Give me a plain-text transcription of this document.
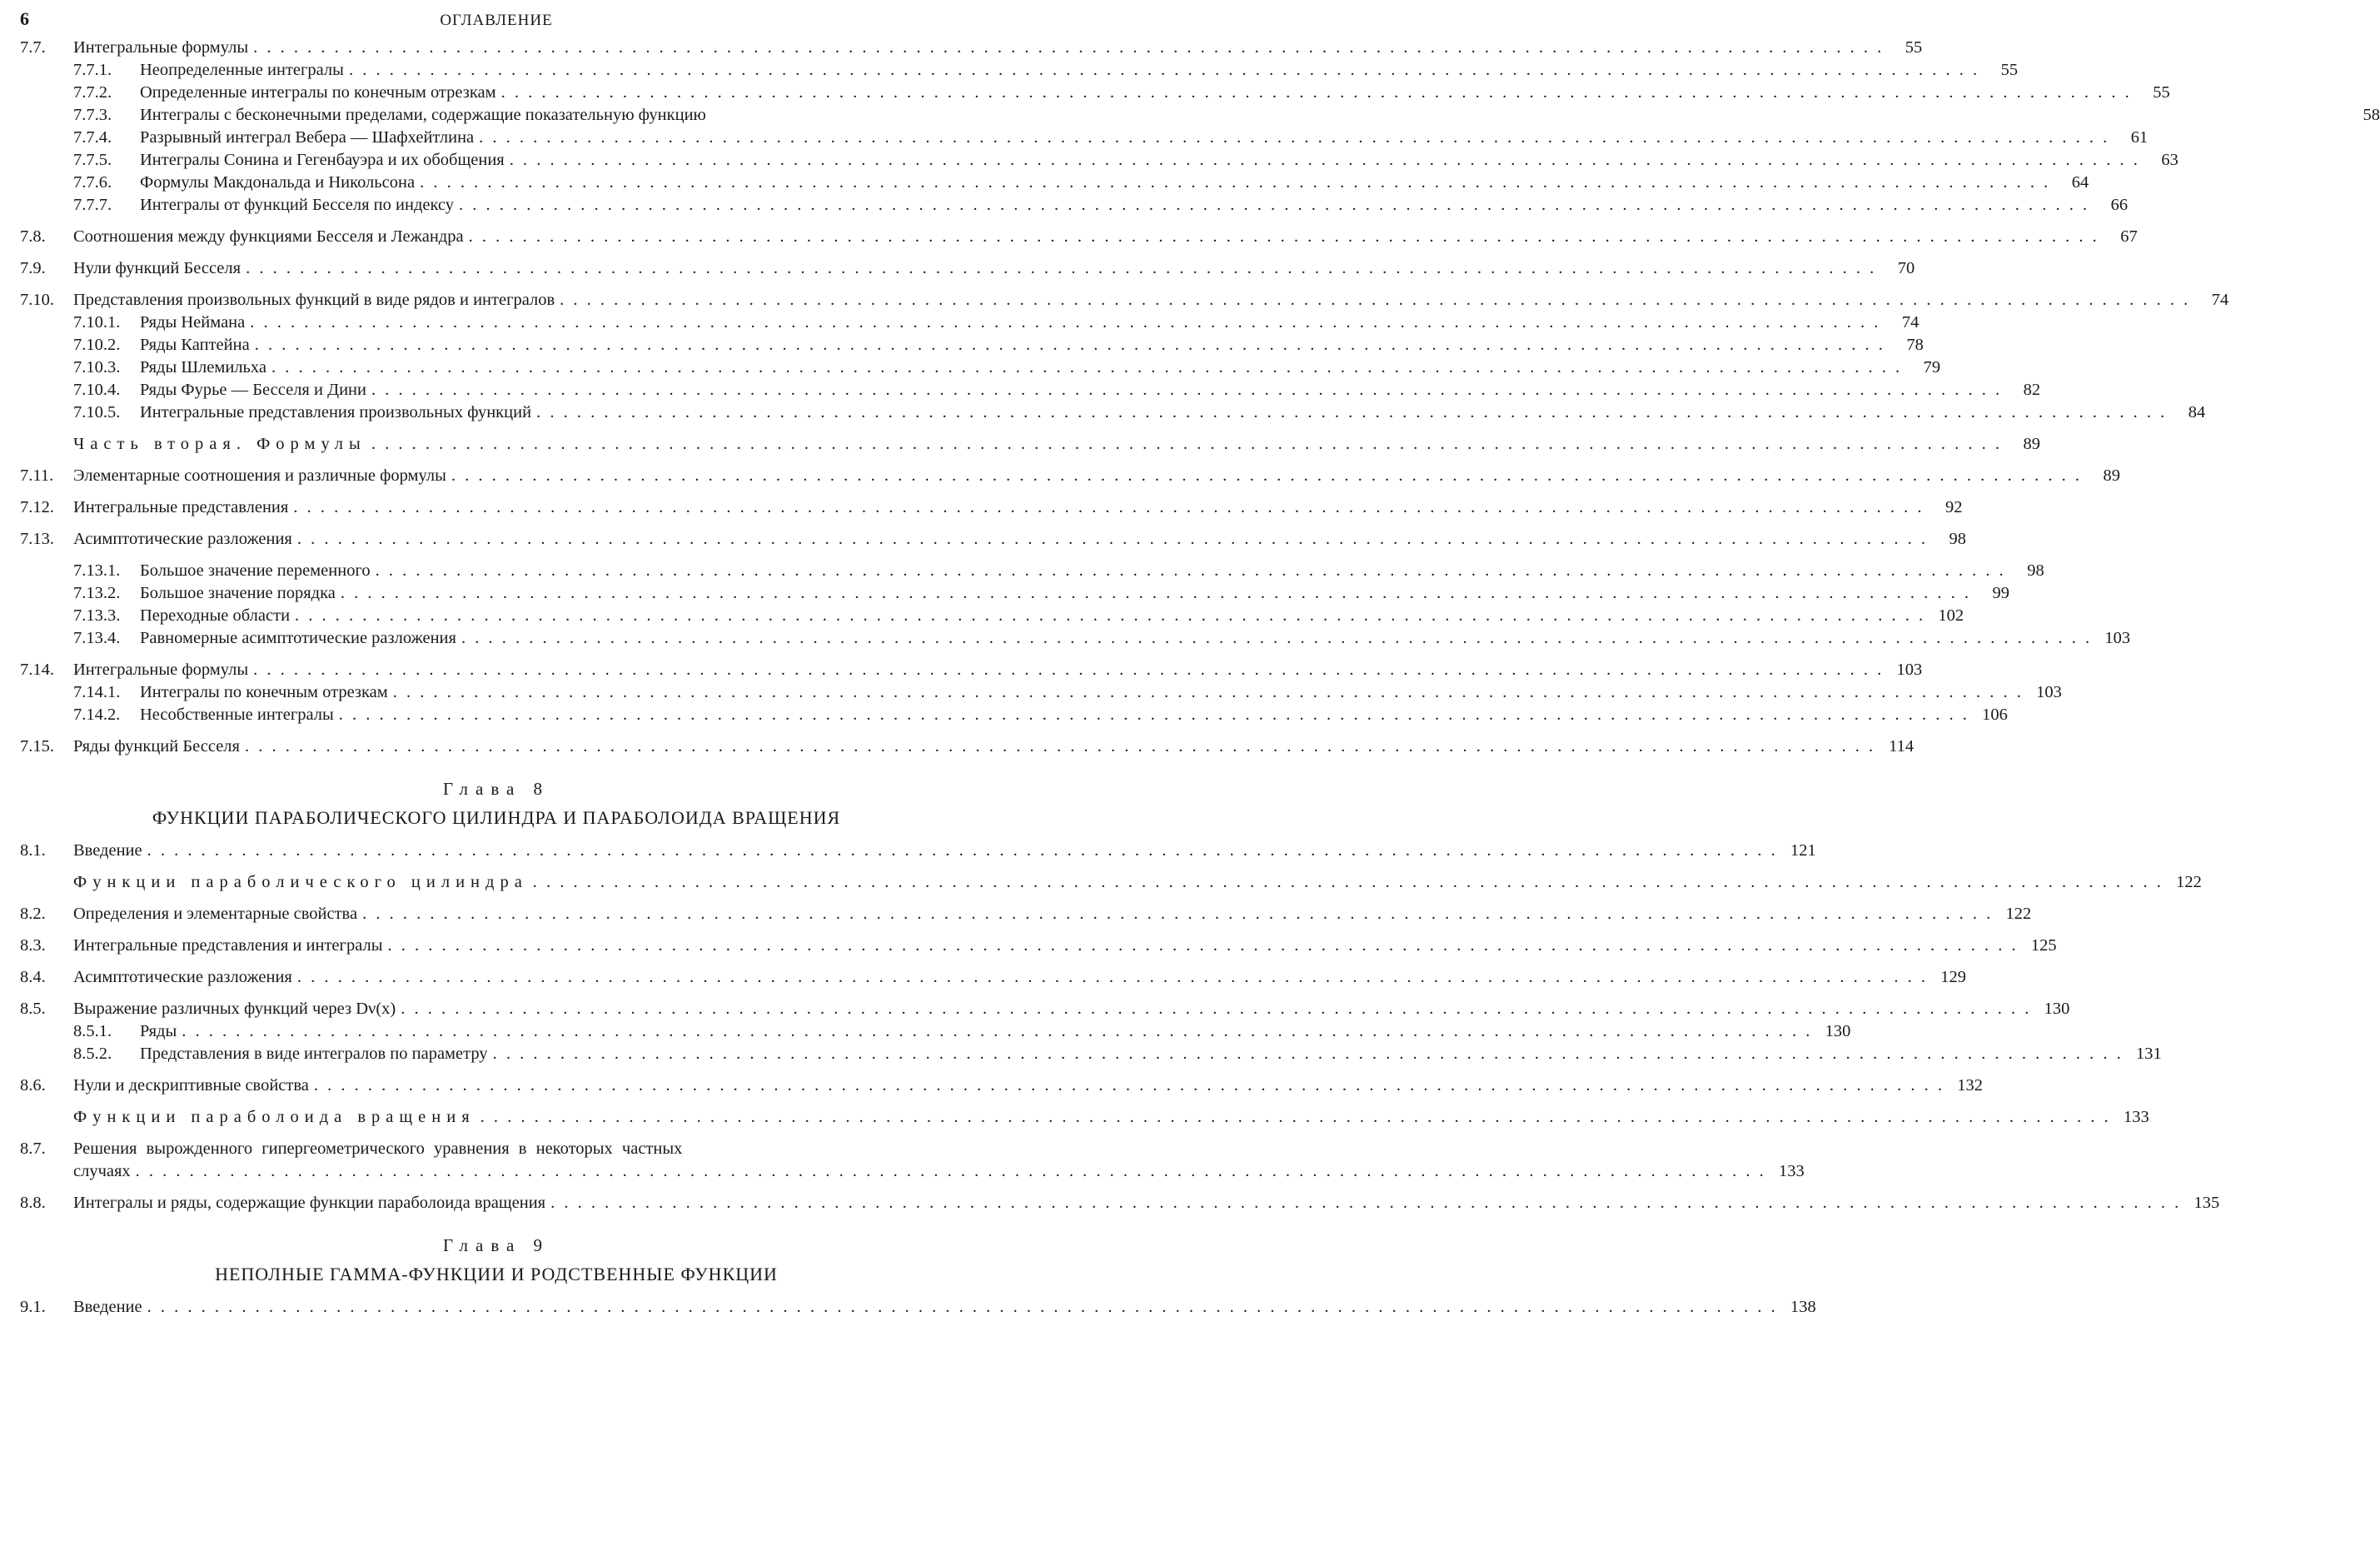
6	ОГЛАВЛЕНИЕ
7.7.	Интегральные формулы . . .	55
7.7.1.	Неопределенные интегралы . . .	55
7.7.2.	Определенные интегралы по конечным отрезкам . . .	55
7.7.3.	Интегралы с бесконечными пределами, содержащие показательную функцию	58
7.7.4.	Разрывный интеграл Вебера — Шафхейтлина . . .	61
7.7.5.	Интегралы Сонина и Гегенбауэра и их обобщения . . .	63
7.7.6.	Формулы Макдональда и Никольсона . . .	64
7.7.7.	Интегралы от функций Бесселя по индексу . . .	66
7.8.	Соотношения между функциями Бесселя и Лежандра . . .	67
7.9.	Нули функций Бесселя . . .	70
7.10.	Представления произвольных функций в виде рядов и интегралов . . .	74
7.10.1.	Ряды Неймана . . .	74
7.10.2.	Ряды Каптейна . . .	78
7.10.3.	Ряды Шлемильха . . .	79
7.10.4.	Ряды Фурье — Бесселя и Дини . . .	82
7.10.5.	Интегральные представления произвольных функций . . .	84
Часть вторая. Формулы . . .	89
7.11.	Элементарные соотношения и различные формулы . . .	89
7.12.	Интегральные представления . . .	92
7.13.	Асимптотические разложения . . .	98
7.13.1.	Большое значение переменного . . .	98
7.13.2.	Большое значение порядка . . .	99
7.13.3.	Переходные области . . .	102
7.13.4.	Равномерные асимптотические разложения . . .	103
7.14.	Интегральные формулы . . .	103
7.14.1.	Интегралы по конечным отрезкам . . .	103
7.14.2.	Несобственные интегралы . . .	106
7.15.	Ряды функций Бесселя . . .	114
Глава 8
ФУНКЦИИ ПАРАБОЛИЧЕСКОГО ЦИЛИНДРА И ПАРАБОЛОИДА ВРАЩЕНИЯ
8.1.	Введение . . .	121
Функции параболического цилиндра . . .	122
8.2.	Определения и элементарные свойства . . .	122
8.3.	Интегральные представления и интегралы . . .	125
8.4.	Асимптотические разложения . . .	129
8.5.	Выражение различных функций через Dν(x) . . .	130
8.5.1.	Ряды . . .	130
8.5.2.	Представления в виде интегралов по параметру . . .	131
8.6.	Нули и дескриптивные свойства . . .	132
Функции параболоида вращения . . .	133
8.7.	Решения вырожденного гипергеометрического уравнения в некоторых частных
случаях . . .	133
8.8.	Интегралы и ряды, содержащие функции параболоида вращения . . .	135
Глава 9
НЕПОЛНЫЕ ГАММА-ФУНКЦИИ И РОДСТВЕННЫЕ ФУНКЦИИ
9.1.	Введение . . .	138
